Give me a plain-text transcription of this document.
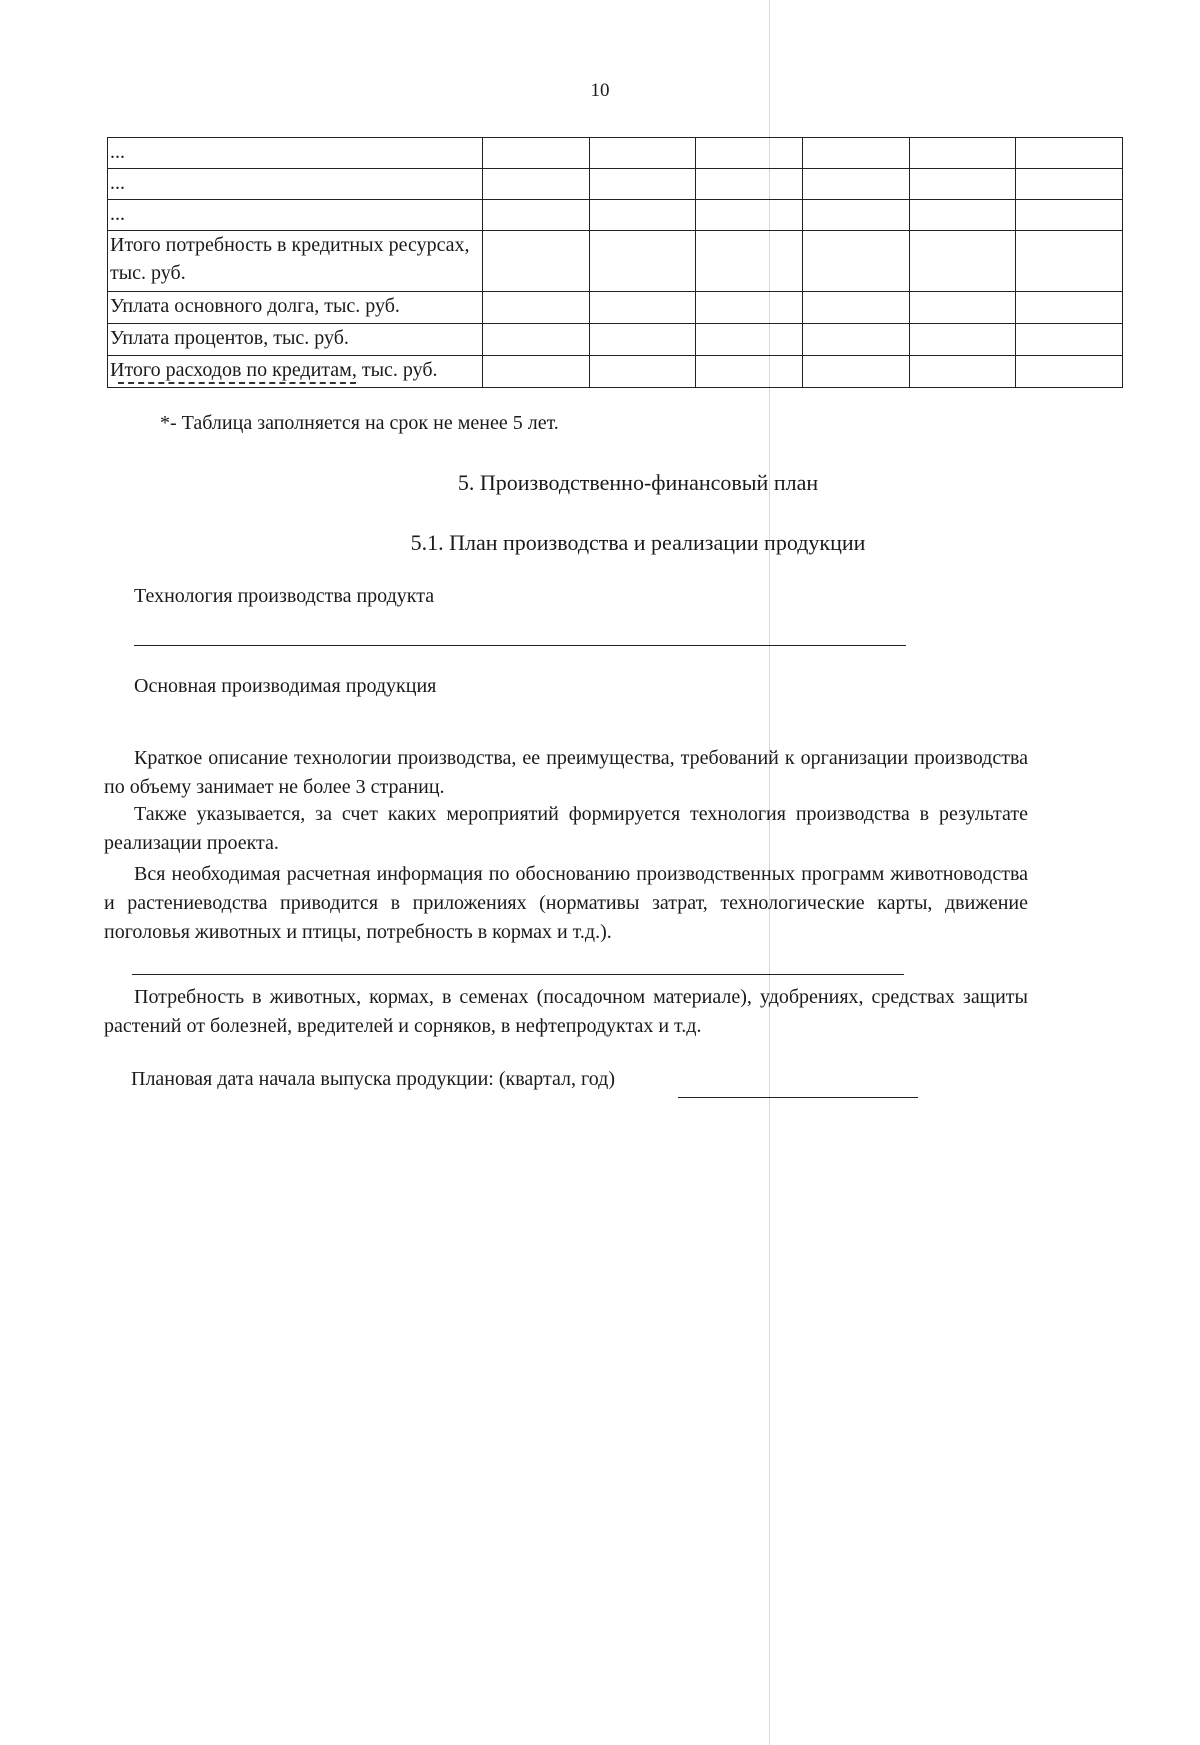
10
...						
...						
...						
Итого потребность в кредитных ресурсах, тыс. руб.						
Уплата основного долга, тыс. руб.						
Уплата процентов, тыс. руб.						
Итого расходов по кредитам, тыс. руб.						
*- Таблица заполняется на срок не менее 5 лет.
5. Производственно-финансовый план
5.1. План производства и реализации продукции
Технология производства продукта
Основная производимая продукция
Краткое описание технологии производства, ее преимущества, требований к организации производства по объему занимает не более 3 страниц.
Также указывается, за счет каких мероприятий формируется технология производства в результате реализации проекта.
Вся необходимая расчетная информация по обоснованию производственных программ животноводства и растениеводства приводится в приложениях (нормативы затрат, технологические карты, движение поголовья животных и птицы, потребность в кормах и т.д.).
Потребность в животных, кормах, в семенах (посадочном материале), удобрениях, средствах защиты растений от болезней, вредителей и сорняков, в нефтепродуктах и т.д.
Плановая дата начала выпуска продукции: (квартал, год)
